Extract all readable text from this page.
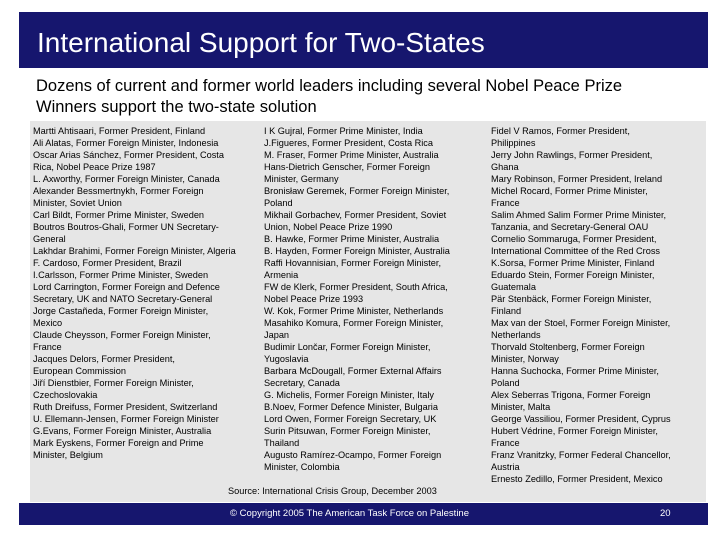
International Support for Two-States
Dozens of current and former world leaders including several Nobel Peace Prize Winners support the two-state solution
Martti Ahtisaari, Former President, Finland
Ali Alatas, Former Foreign Minister, Indonesia
Oscar Arias Sánchez, Former President, Costa
Rica, Nobel Peace Prize 1987
L. Axworthy, Former Foreign Minister, Canada
Alexander Bessmertnykh, Former Foreign
Minister, Soviet Union
Carl Bildt, Former Prime Minister, Sweden
Boutros Boutros-Ghali, Former UN Secretary-
General
Lakhdar Brahimi, Former Foreign Minister, Algeria
F. Cardoso, Former President, Brazil
I.Carlsson, Former Prime Minister, Sweden
Lord Carrington, Former Foreign and Defence
Secretary, UK and NATO Secretary-General
Jorge Castañeda, Former Foreign Minister,
Mexico
Claude Cheysson, Former Foreign Minister,
France
Jacques Delors, Former President,
European Commission
Jiří Dienstbier, Former Foreign Minister,
Czechoslovakia
Ruth Dreifuss, Former President, Switzerland
U. Ellemann-Jensen, Former Foreign Minister
G.Evans, Former Foreign Minister, Australia
Mark Eyskens, Former Foreign and Prime
Minister, Belgium
I K Gujral, Former Prime Minister, India
J.Figueres, Former President, Costa Rica
M. Fraser, Former Prime Minister, Australia
Hans-Dietrich Genscher, Former Foreign
Minister, Germany
Bronisław Geremek, Former Foreign Minister,
Poland
Mikhail Gorbachev, Former President, Soviet
Union, Nobel Peace Prize 1990
B. Hawke, Former Prime Minister, Australia
B. Hayden, Former Foreign Minister, Australia
Raffi Hovannisian, Former Foreign Minister,
Armenia
FW de Klerk, Former President, South Africa,
Nobel Peace Prize 1993
W. Kok, Former Prime Minister, Netherlands
Masahiko Komura, Former Foreign Minister,
Japan
Budimir Lončar, Former Foreign Minister,
Yugoslavia
Barbara McDougall, Former External Affairs
Secretary, Canada
G. Michelis, Former Foreign Minister, Italy
B.Noev, Former Defence Minister, Bulgaria
Lord Owen, Former Foreign Secretary, UK
Surin Pitsuwan, Former Foreign Minister,
Thailand
Augusto Ramírez-Ocampo, Former Foreign
Minister, Colombia
Fidel V Ramos, Former President,
Philippines
Jerry John Rawlings, Former President,
Ghana
Mary Robinson, Former President, Ireland
Michel Rocard, Former Prime Minister,
France
Salim Ahmed Salim Former Prime Minister,
Tanzania, and Secretary-General OAU
Cornelio Sommaruga, Former President,
International Committee of the Red Cross
K.Sorsa, Former Prime Minister, Finland
Eduardo Stein, Former Foreign Minister,
Guatemala
Pär Stenbäck, Former Foreign Minister,
Finland
Max van der Stoel, Former Foreign Minister,
Netherlands
Thorvald Stoltenberg, Former Foreign
Minister, Norway
Hanna Suchocka, Former Prime Minister,
Poland
Alex Seberras Trigona, Former Foreign
Minister, Malta
George Vassiliou, Former President, Cyprus
Hubert Védrine, Former Foreign Minister,
France
Franz Vranitzky, Former Federal Chancellor,
Austria
Ernesto Zedillo, Former President, Mexico
Source: International Crisis Group, December 2003
© Copyright 2005 The American Task Force on Palestine	20
